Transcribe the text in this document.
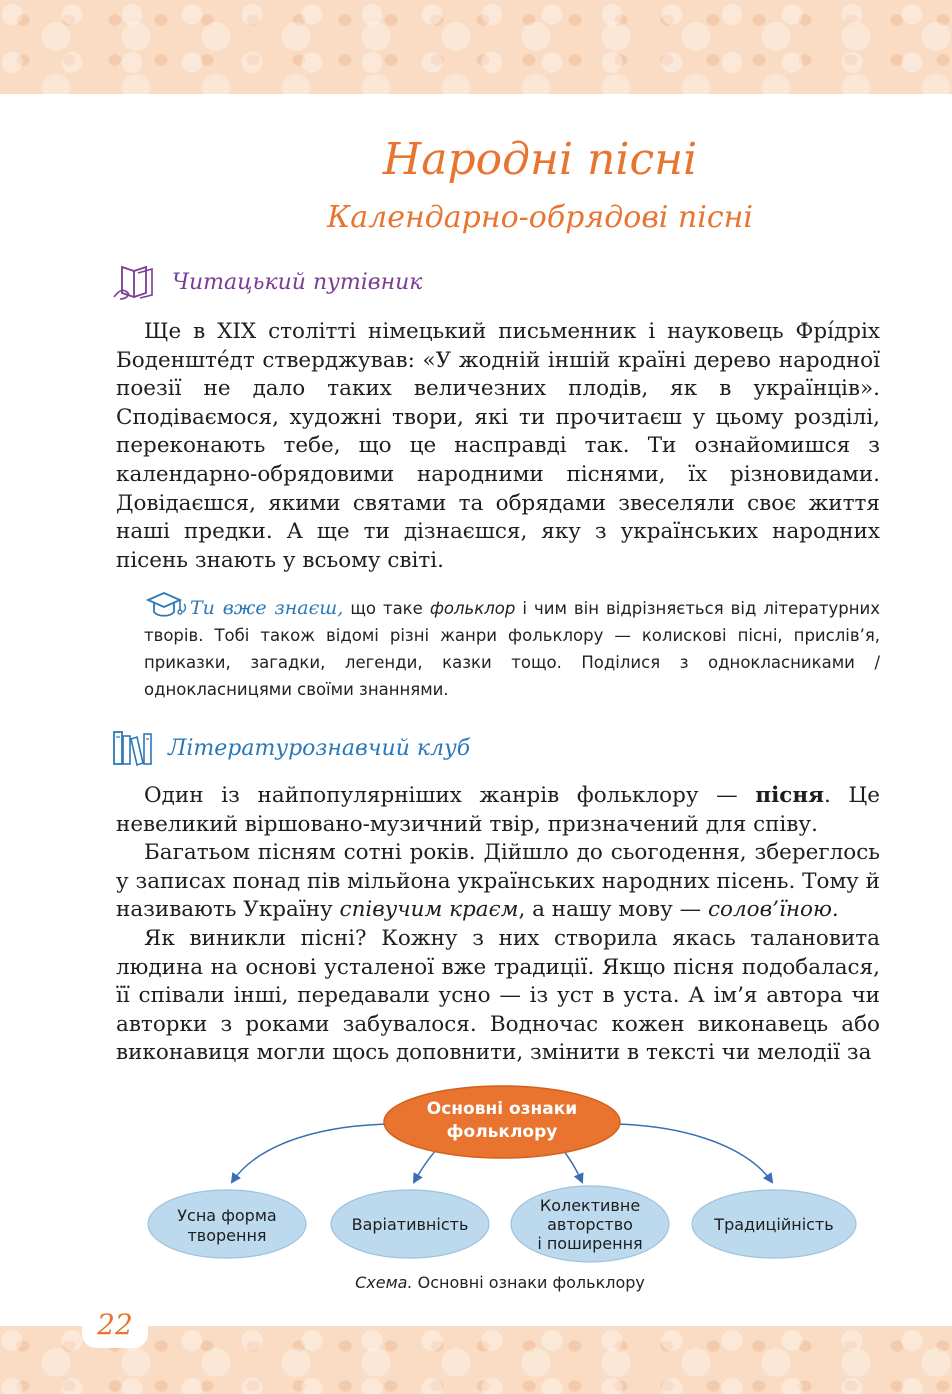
Народні пісні
Календарно-обрядові пісні
Читацький путівник

Ще в XIX столітті німецький письменник і науковець Фрі́дріх Боденште́дт стверджував: «У жодній іншій країні дерево народної поезії не дало таких величезних плодів, як в українців». Сподіваємося, художні твори, які ти прочитаєш у цьому розділі, переконають тебе, що це насправді так. Ти ознайомишся з календарно-обрядовими народними піснями, їх різновидами. Довідаєшся, якими святами та обрядами звеселяли своє життя наші предки. А ще ти дізнаєшся, яку з українських народних пісень знають у всьому світі.

Ти вже знаєш, що таке фольклор і чим він відрізняється від літературних творів. Тобі також відомі різні жанри фольклору — колискові пісні, прислів’я, приказки, загадки, легенди, казки тощо. Поділися з однокласниками / однокласницями своїми знаннями.

Літературознавчий клуб

Один із найпопулярніших жанрів фольклору — пісня. Це невеликий віршовано-музичний твір, призначений для співу.

Багатьом пісням сотні років. Дійшло до сьогодення, збереглось у записах понад пів мільйона українських народних пісень. Тому й називають Україну співучим краєм, а нашу мову — солов’їною.

Як виникли пісні? Кожну з них створила якась талановита людина на основі усталеної вже традиції. Якщо пісня подобалася, її співали інші, передавали усно — із уст в уста. А ім’я автора чи авторки з роками забувалося. Водночас кожен виконавець або виконавиця могли щось доповнити, змінити в тексті чи мелодії за

Основні ознаки
фольклору
Усна форма
творення
Варіативність
Колективне
авторство
і поширення
Традиційність
Схема. Основні ознаки фольклору
22
